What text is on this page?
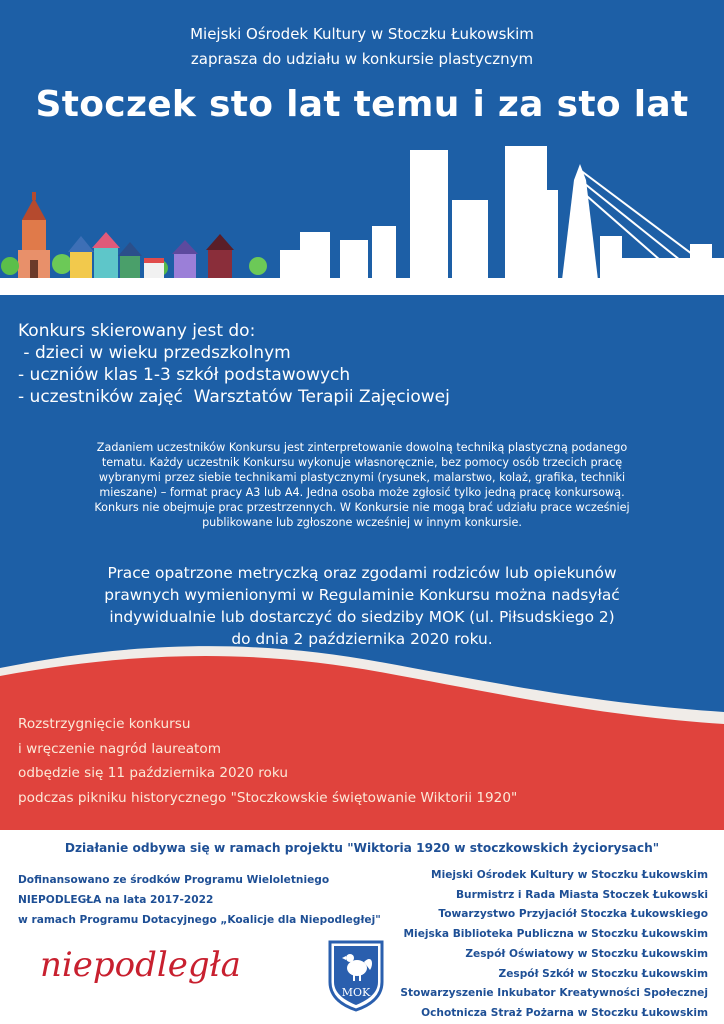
Miejski Ośrodek Kultury w Stoczku Łukowskim
zaprasza do udziału w konkursie plastycznym
Stoczek sto lat temu i za sto lat
Konkurs skierowany jest do:
- dzieci w wieku przedszkolnym
- uczniów klas 1-3 szkół podstawowych
- uczestników zajęć  Warsztatów Terapii Zajęciowej
Zadaniem uczestników Konkursu jest zinterpretowanie dowolną techniką plastyczną podanego
tematu. Każdy uczestnik Konkursu wykonuje własnoręcznie, bez pomocy osób trzecich pracę
wybranymi przez siebie technikami plastycznymi (rysunek, malarstwo, kolaż, grafika, techniki
mieszane) – format pracy A3 lub A4. Jedna osoba może zgłosić tylko jedną pracę konkursową.
Konkurs nie obejmuje prac przestrzennych. W Konkursie nie mogą brać udziału prace wcześniej
publikowane lub zgłoszone wcześniej w innym konkursie.
Prace opatrzone metryczką oraz zgodami rodziców lub opiekunów
prawnych wymienionymi w Regulaminie Konkursu można nadsyłać
indywidualnie lub dostarczyć do siedziby MOK (ul. Piłsudskiego 2)
do dnia 2 października 2020 roku.
Rozstrzygnięcie konkursu
i wręczenie nagród laureatom
odbędzie się 11 października 2020 roku
podczas pikniku historycznego "Stoczkowskie świętowanie Wiktorii 1920"
Działanie odbywa się w ramach projektu "Wiktoria 1920 w stoczkowskich życiorysach"
Dofinansowano ze środków Programu Wieloletniego
NIEPODLEGŁA na lata 2017-2022
w ramach Programu Dotacyjnego „Koalicje dla Niepodległej"
niepodległa
MOK
Miejski Ośrodek Kultury w Stoczku Łukowskim
Burmistrz i Rada Miasta Stoczek Łukowski
Towarzystwo Przyjaciół Stoczka Łukowskiego
Miejska Biblioteka Publiczna w Stoczku Łukowskim
Zespół Oświatowy w Stoczku Łukowskim
Zespół Szkół w Stoczku Łukowskim
Stowarzyszenie Inkubator Kreatywności Społecznej
Ochotnicza Straż Pożarna w Stoczku Łukowskim
